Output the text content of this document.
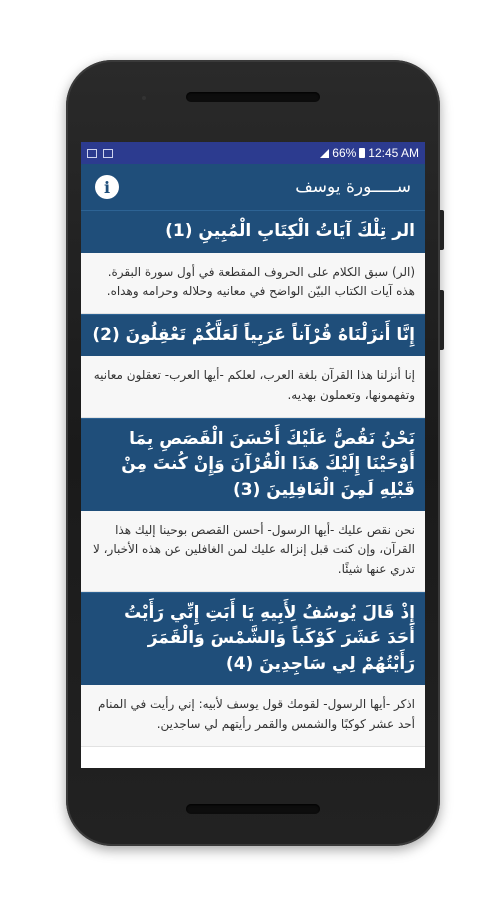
66% 12:45 AM
i	ســـــورة يوسف
الر تِلْكَ آيَاتُ الْكِتَابِ الْمُبِينِ (1)
(الر) سبق الكلام على الحروف المقطعة في أول سورة البقرة. هذه آيات الكتاب البيّن الواضح في معانيه وحلاله وحرامه وهداه.
إِنَّا أَنزَلْنَاهُ قُرْآناً عَرَبِياً لَعَلَّكُمْ تَعْقِلُونَ (2)
إنا أنزلنا هذا القرآن بلغة العرب، لعلكم -أيها العرب- تعقلون معانيه وتفهمونها، وتعملون بهديه.
نَحْنُ نَقُصُّ عَلَيْكَ أَحْسَنَ الْقَصَصِ بِمَا أَوْحَيْنَا إِلَيْكَ هَذَا الْقُرْآنَ وَإِنْ كُنتَ مِنْ قَبْلِهِ لَمِنَ الْغَافِلِينَ (3)
نحن نقص عليك -أيها الرسول- أحسن القصص بوحينا إليك هذا القرآن، وإن كنت قبل إنزاله عليك لمن الغافلين عن هذه الأخبار، لا تدري عنها شيئًا.
إِذْ قَالَ يُوسُفُ لِأَبِيهِ يَا أَبَتِ إِنِّي رَأَيْتُ أَحَدَ عَشَرَ كَوْكَباً وَالشَّمْسَ وَالْقَمَرَ رَأَيْتُهُمْ لِي سَاجِدِينَ (4)
اذكر -أيها الرسول- لقومك قول يوسف لأبيه: إني رأيت في المنام أحد عشر كوكبًا والشمس والقمر رأيتهم لي ساجدين.
